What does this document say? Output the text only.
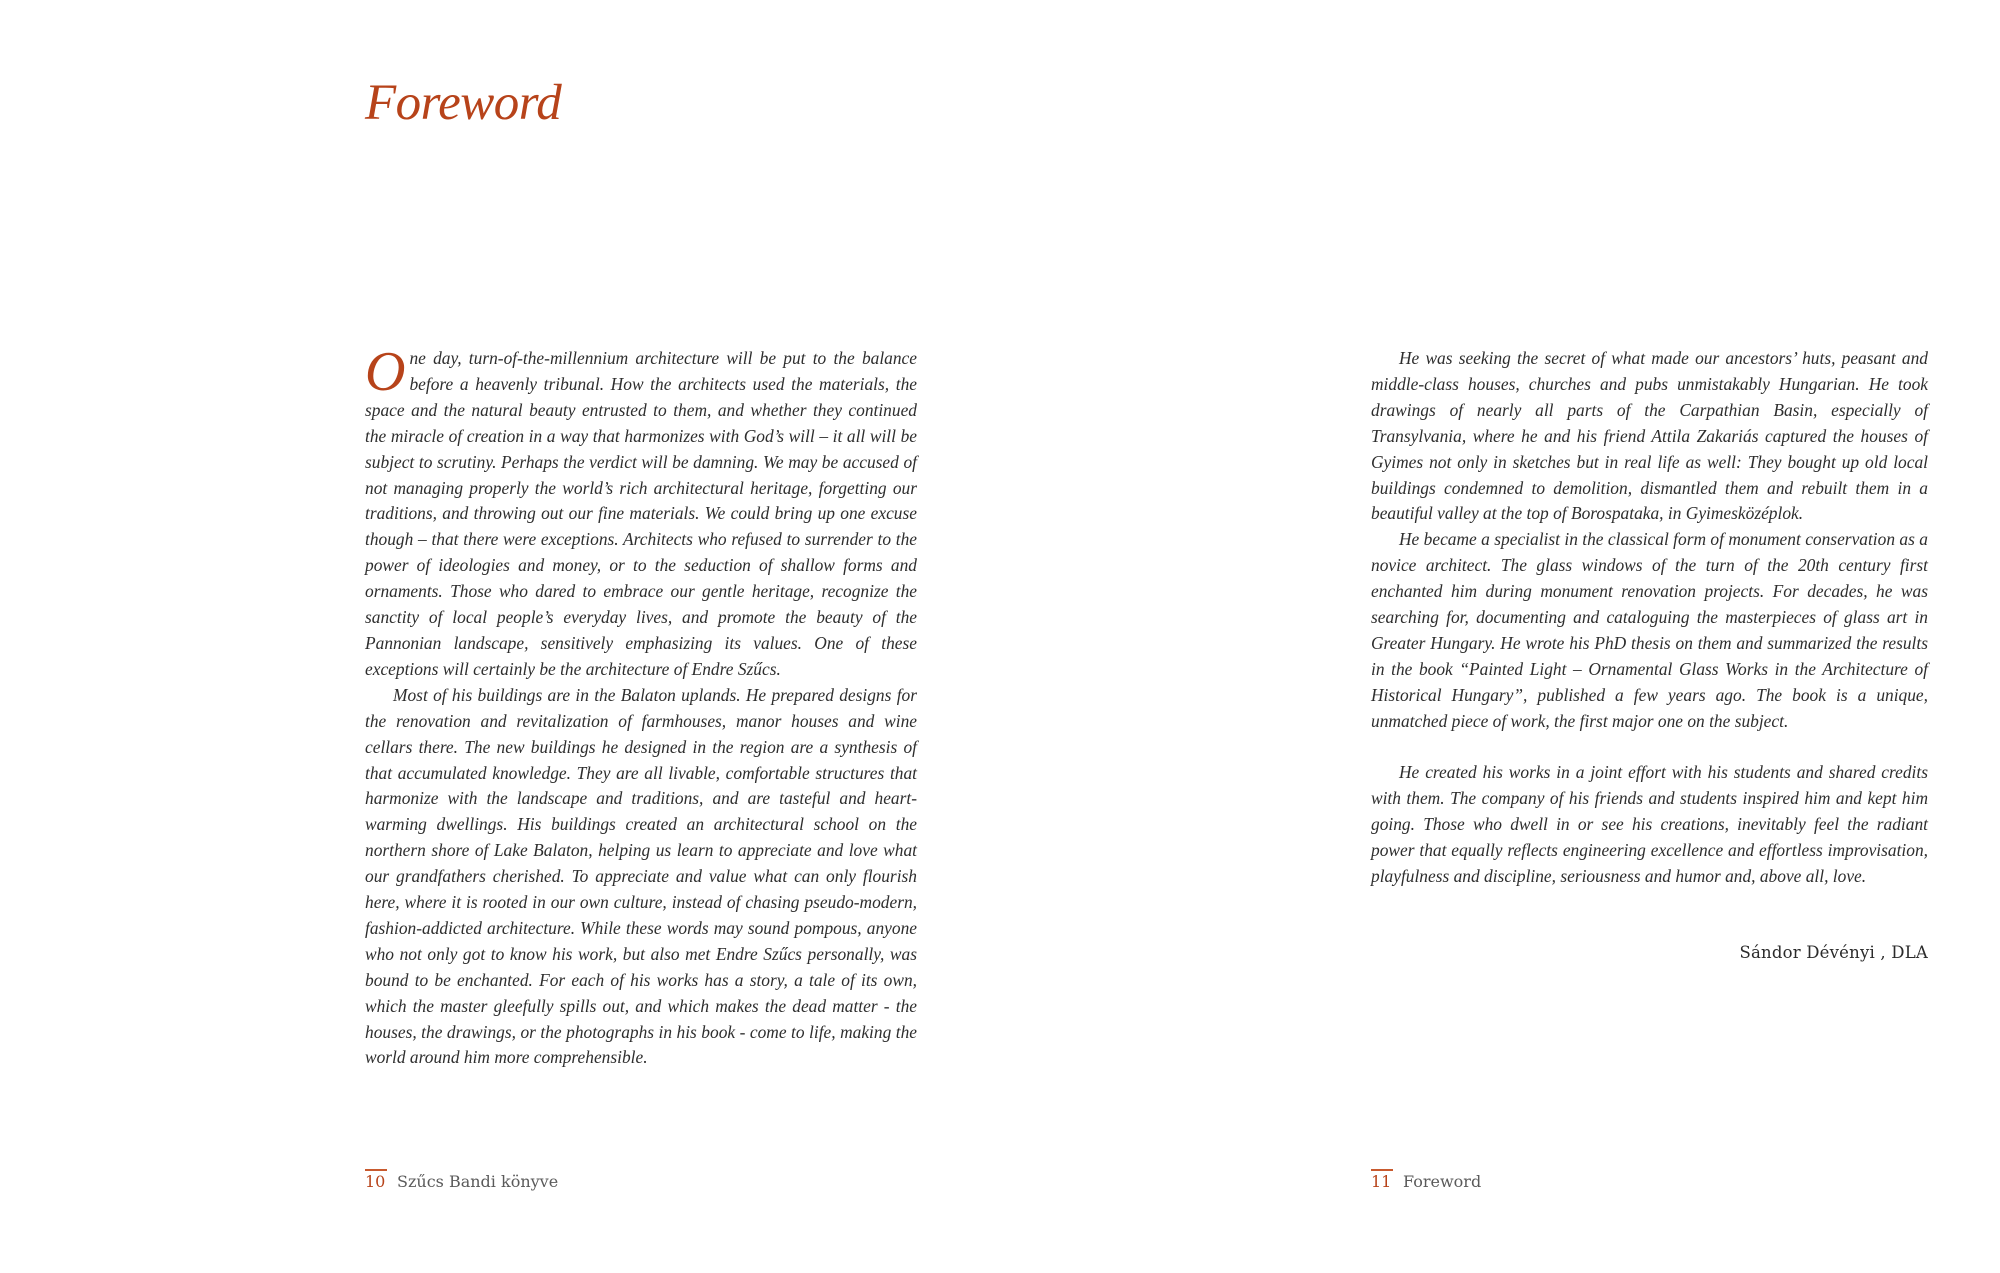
Foreword

One day, turn-of-the-millennium architecture will be put to the balance before a heavenly tribunal. How the architects used the materials, the space and the natural beauty entrusted to them, and whether they continued the miracle of creation in a way that harmonizes with God’s will – it all will be subject to scrutiny. Perhaps the verdict will be damning. We may be accused of not managing properly the world’s rich architectural heritage, forgetting our traditions, and throwing out our fine materials. We could bring up one excuse though – that there were exceptions. Architects who refused to surrender to the power of ideologies and money, or to the seduction of shallow forms and ornaments. Those who dared to embrace our gentle heritage, recognize the sanctity of local people’s everyday lives, and promote the beauty of the Pannonian landscape, sensitively emphasizing its values. One of these exceptions will certainly be the architecture of Endre Szűcs.

Most of his buildings are in the Balaton uplands. He prepared designs for the renovation and revitalization of farmhouses, manor houses and wine cellars there. The new buildings he designed in the region are a synthesis of that accumulated knowledge. They are all livable, comfortable structures that harmonize with the landscape and traditions, and are tasteful and heart-warming dwellings. His buildings created an architectural school on the northern shore of Lake Balaton, helping us learn to appreciate and love what our grandfathers cherished. To appreciate and value what can only flourish here, where it is rooted in our own culture, instead of chasing pseudo-modern, fashion-addicted architecture. While these words may sound pompous, anyone who not only got to know his work, but also met Endre Szűcs personally, was bound to be enchanted. For each of his works has a story, a tale of its own, which the master gleefully spills out, and which makes the dead matter - the houses, the drawings, or the photographs in his book - come to life, making the world around him more comprehensible.

He was seeking the secret of what made our ancestors’ huts, peasant and middle-class houses, churches and pubs unmistakably Hungarian. He took drawings of nearly all parts of the Carpathian Basin, especially of Transylvania, where he and his friend Attila Zakariás captured the houses of Gyimes not only in sketches but in real life as well: They bought up old local buildings condemned to demolition, dismantled them and rebuilt them in a beautiful valley at the top of Borospataka, in Gyimesközéplok.

He became a specialist in the classical form of monument conservation as a novice architect. The glass windows of the turn of the 20th century first enchanted him during monument renovation projects. For decades, he was searching for, documenting and cataloguing the masterpieces of glass art in Greater Hungary. He wrote his PhD thesis on them and summarized the results in the book “Painted Light – Ornamental Glass Works in the Architecture of Historical Hungary”, published a few years ago. The book is a unique, unmatched piece of work, the first major one on the subject.

He created his works in a joint effort with his students and shared credits with them. The company of his friends and students inspired him and kept him going. Those who dwell in or see his creations, inevitably feel the radiant power that equally reflects engineering excellence and effortless improvisation, playfulness and discipline, seriousness and humor and, above all, love.

Sándor Dévényi , DLA
10 Szűcs Bandi könyve	11 Foreword
